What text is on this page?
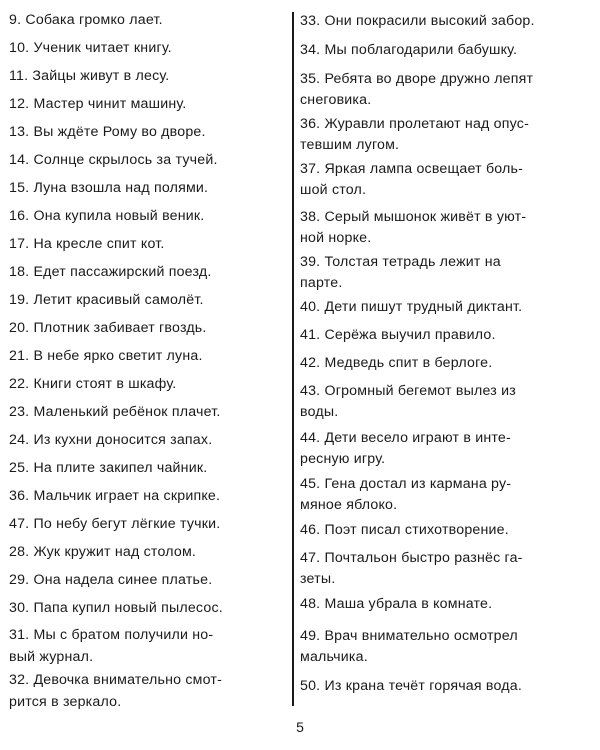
9. Собака громко лает.
10. Ученик читает книгу.
11. Зайцы живут в лесу.
12. Мастер чинит машину.
13. Вы ждёте Рому во дворе.
14. Солнце скрылось за тучей.
15. Луна взошла над полями.
16. Она купила новый веник.
17. На кресле спит кот.
18. Едет пассажирский поезд.
19. Летит красивый самолёт.
20. Плотник забивает гвоздь.
21. В небе ярко светит луна.
22. Книги стоят в шкафу.
23. Маленький ребёнок плачет.
24. Из кухни доносится запах.
25. На плите закипел чайник.
36. Мальчик играет на скрипке.
47. По небу бегут лёгкие тучки.
28. Жук кружит над столом.
29. Она надела синее платье.
30. Папа купил новый пылесос.
31. Мы с братом получили но-
вый журнал.
32. Девочка внимательно смот-
рится в зеркало.
33. Они покрасили высокий забор.
34. Мы поблагодарили бабушку.
35. Ребята во дворе дружно лепят
снеговика.
36. Журавли пролетают над опус-
тевшим лугом.
37. Яркая лампа освещает боль-
шой стол.
38. Серый мышонок живёт в уют-
ной норке.
39. Толстая тетрадь лежит на
парте.
40. Дети пишут трудный диктант.
41. Серёжа выучил правило.
42. Медведь спит в берлоге.
43. Огромный бегемот вылез из
воды.
44. Дети весело играют в инте-
ресную игру.
45. Гена достал из кармана ру-
мяное яблоко.
46. Поэт писал стихотворение.
47. Почтальон быстро разнёс га-
зеты.
48. Маша убрала в комнате.
49. Врач внимательно осмотрел
мальчика.
50. Из крана течёт горячая вода.
5
